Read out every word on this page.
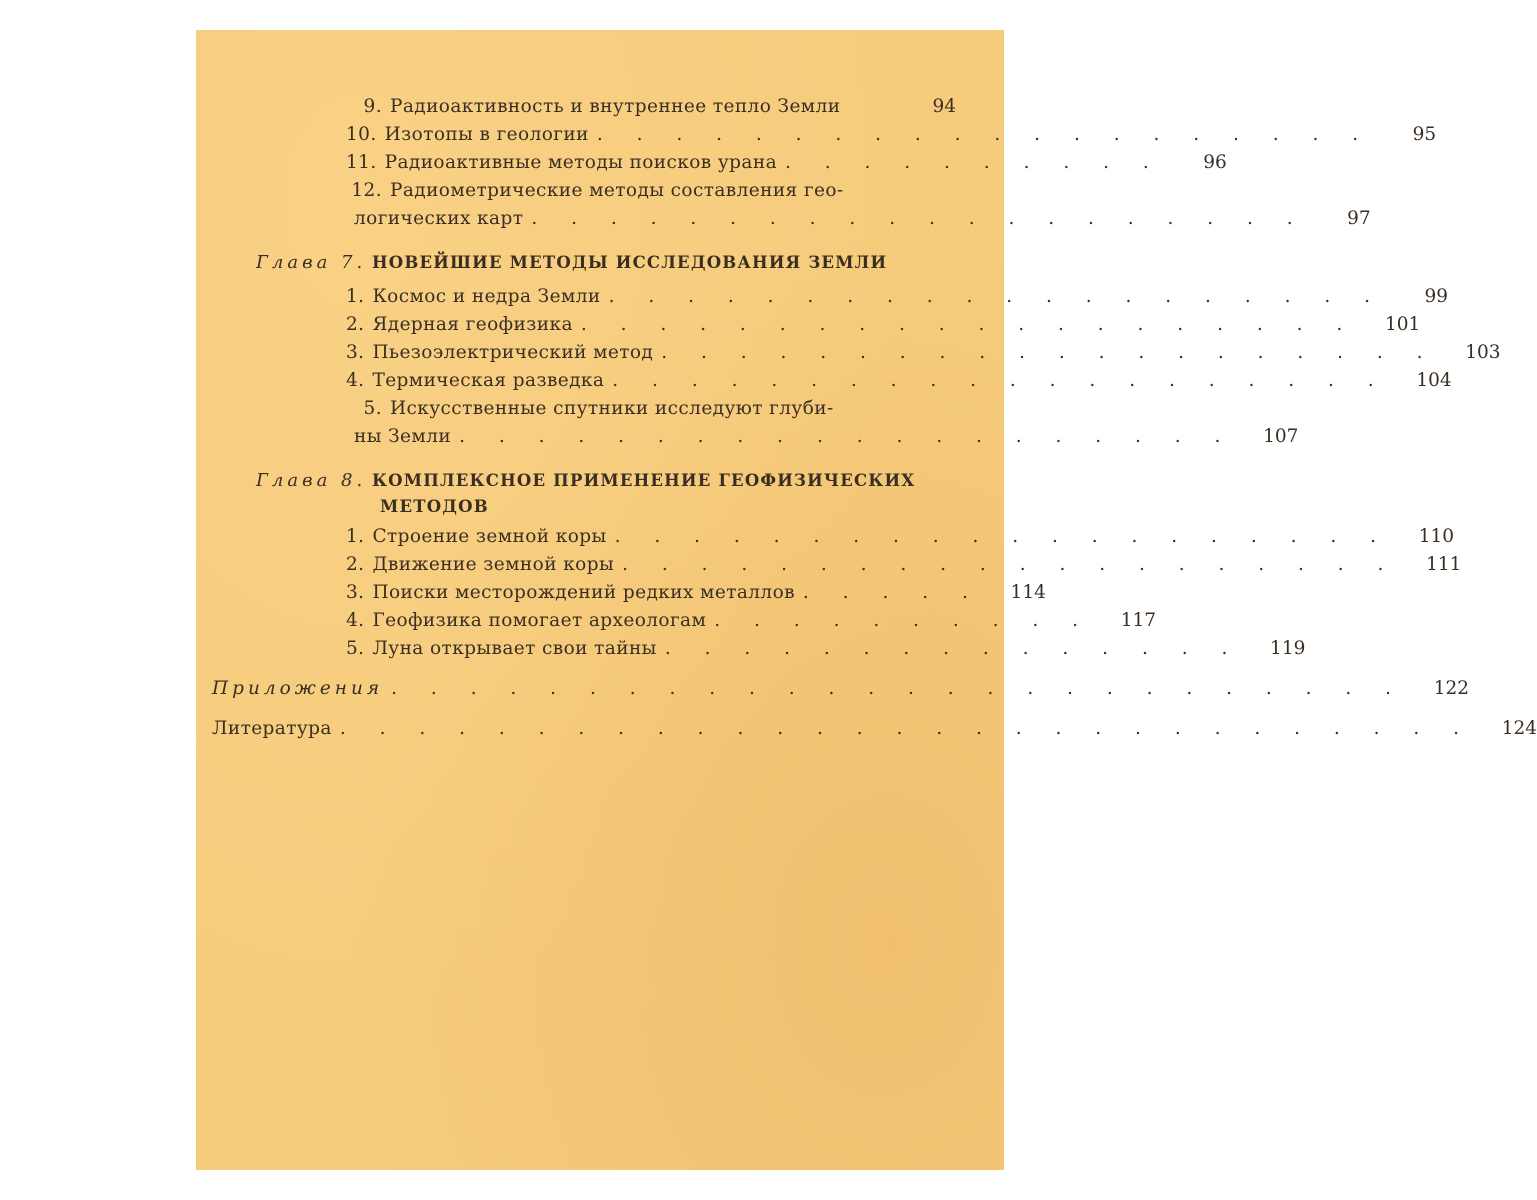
9. Радиоактивность и внутреннее тепло Земли	94
10. Изотопы в геологии . . . . . . . . . . . . . . . . . . . .	95
11. Радиоактивные методы поисков урана . . . . . . . . . .	96
12. Радиометрические методы составления гео-
логических карт . . . . . . . . . . . . . . . . . . . .	97
Глава 7. НОВЕЙШИЕ МЕТОДЫ ИССЛЕДОВАНИЯ ЗЕМЛИ
1. Космос и недра Земли . . . . . . . . . . . . . . . . . . . .	99
2. Ядерная геофизика . . . . . . . . . . . . . . . . . . . .	101
3. Пьезоэлектрический метод . . . . . . . . . . . . . . . . . . . .	103
4. Термическая разведка . . . . . . . . . . . . . . . . . . . .	104
5. Искусственные спутники исследуют глуби-
ны Земли . . . . . . . . . . . . . . . . . . . .	107
Глава 8. КОМПЛЕКСНОЕ ПРИМЕНЕНИЕ ГЕОФИЗИЧЕСКИХ
МЕТОДОВ
1. Строение земной коры . . . . . . . . . . . . . . . . . . . .	110
2. Движение земной коры . . . . . . . . . . . . . . . . . . . .	111
3. Поиски месторождений редких металлов . . . . .	114
4. Геофизика помогает археологам . . . . . . . . . .	117
5. Луна открывает свои тайны . . . . . . . . . . . . . . .	119
Приложения . . . . . . . . . . . . . . . . . . . . . . . . . .	122
Литература . . . . . . . . . . . . . . . . . . . . . . . . . . . . .	124
